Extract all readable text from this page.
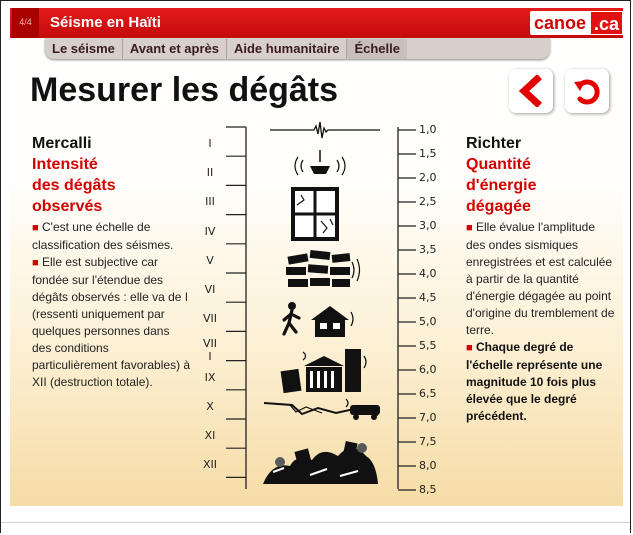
4/4	Séisme en Haïti	canoe .ca
Le séisme	Avant et après	Aide humanitaire	Échelle
Mesurer les dégâts
Mercalli
Intensité
des dégâts
observés
■ C'est une échelle de classification des séismes.
■ Elle est subjective car fondée sur l'étendue des dégâts observés : elle va de I (ressenti uniquement par quelques personnes dans des conditions particulièrement favorables) à XII (destruction totale).
Richter
Quantité
d'énergie
dégagée
■ Elle évalue l'amplitude des ondes sismiques enregistrées et est calculée à partir de la quantité d'énergie dégagée au point d'origine du tremblement de terre.
■ Chaque degré de l'échelle représente une magnitude 10 fois plus élevée que le degré précédent.
I
II
III
IV
V
VI
VII
VII
I
IX
X
XI
XII
1,0
1,5
2,0
2,5
3,0
3,5
4,0
4,5
5,0
5,5
6,0
6,5
7,0
7,5
8,0
8,5
